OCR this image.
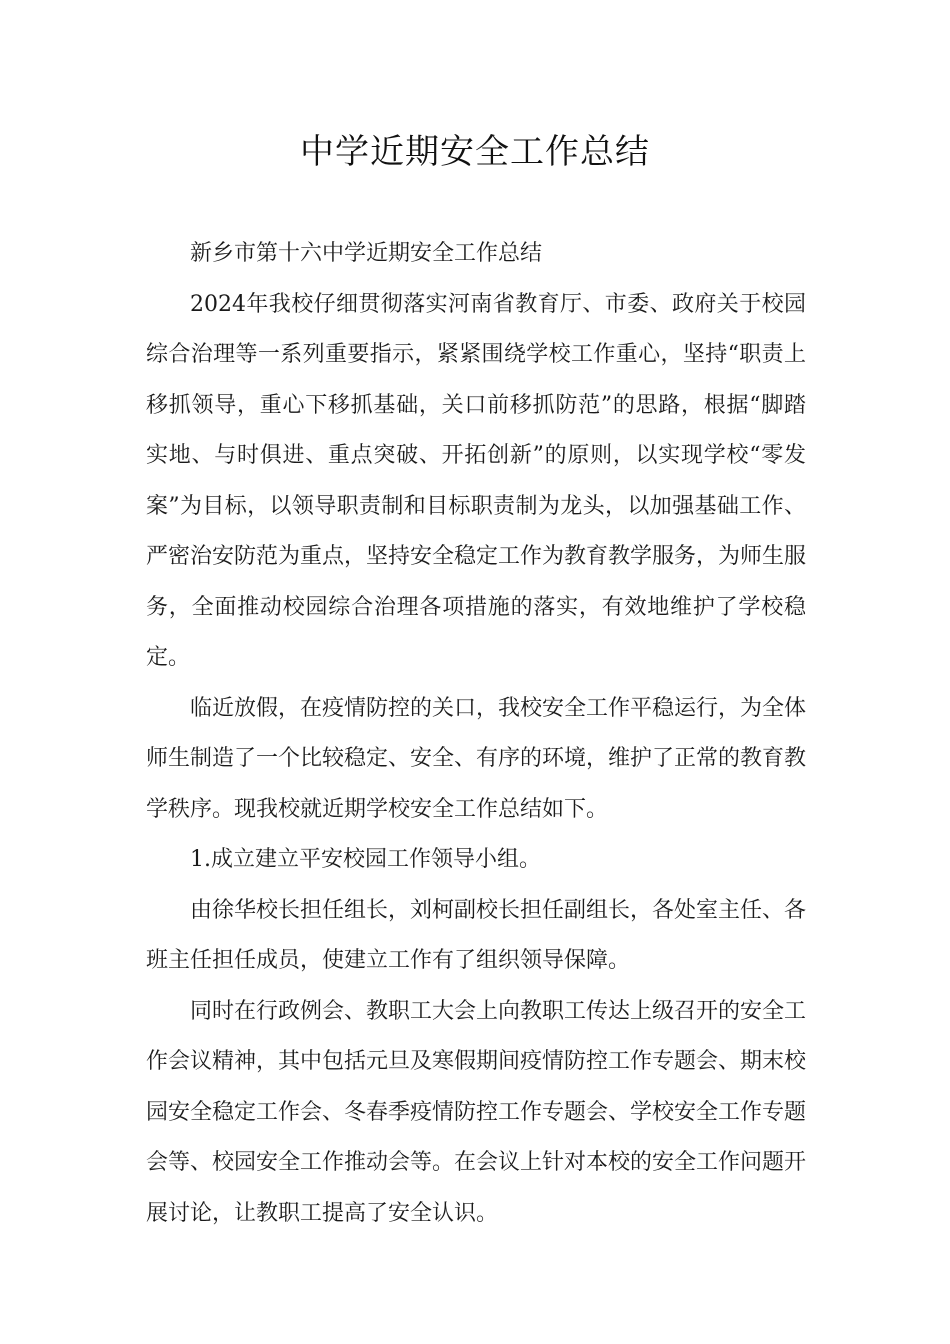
中学近期安全工作总结

新乡市第十六中学近期安全工作总结

2024年我校仔细贯彻落实河南省教育厅、市委、政府关于校园综合治理等一系列重要指示，紧紧围绕学校工作重心，坚持“职责上移抓领导，重心下移抓基础，关口前移抓防范”的思路，根据“脚踏实地、与时俱进、重点突破、开拓创新”的原则，以实现学校“零发案”为目标，以领导职责制和目标职责制为龙头，以加强基础工作、严密治安防范为重点，坚持安全稳定工作为教育教学服务，为师生服务，全面推动校园综合治理各项措施的落实，有效地维护了学校稳定。

临近放假，在疫情防控的关口，我校安全工作平稳运行，为全体师生制造了一个比较稳定、安全、有序的环境，维护了正常的教育教学秩序。现我校就近期学校安全工作总结如下。

1.成立建立平安校园工作领导小组。

由徐华校长担任组长，刘柯副校长担任副组长，各处室主任、各班主任担任成员，使建立工作有了组织领导保障。

同时在行政例会、教职工大会上向教职工传达上级召开的安全工作会议精神，其中包括元旦及寒假期间疫情防控工作专题会、期末校园安全稳定工作会、冬春季疫情防控工作专题会、学校安全工作专题会等、校园安全工作推动会等。在会议上针对本校的安全工作问题开展讨论，让教职工提高了安全认识。
